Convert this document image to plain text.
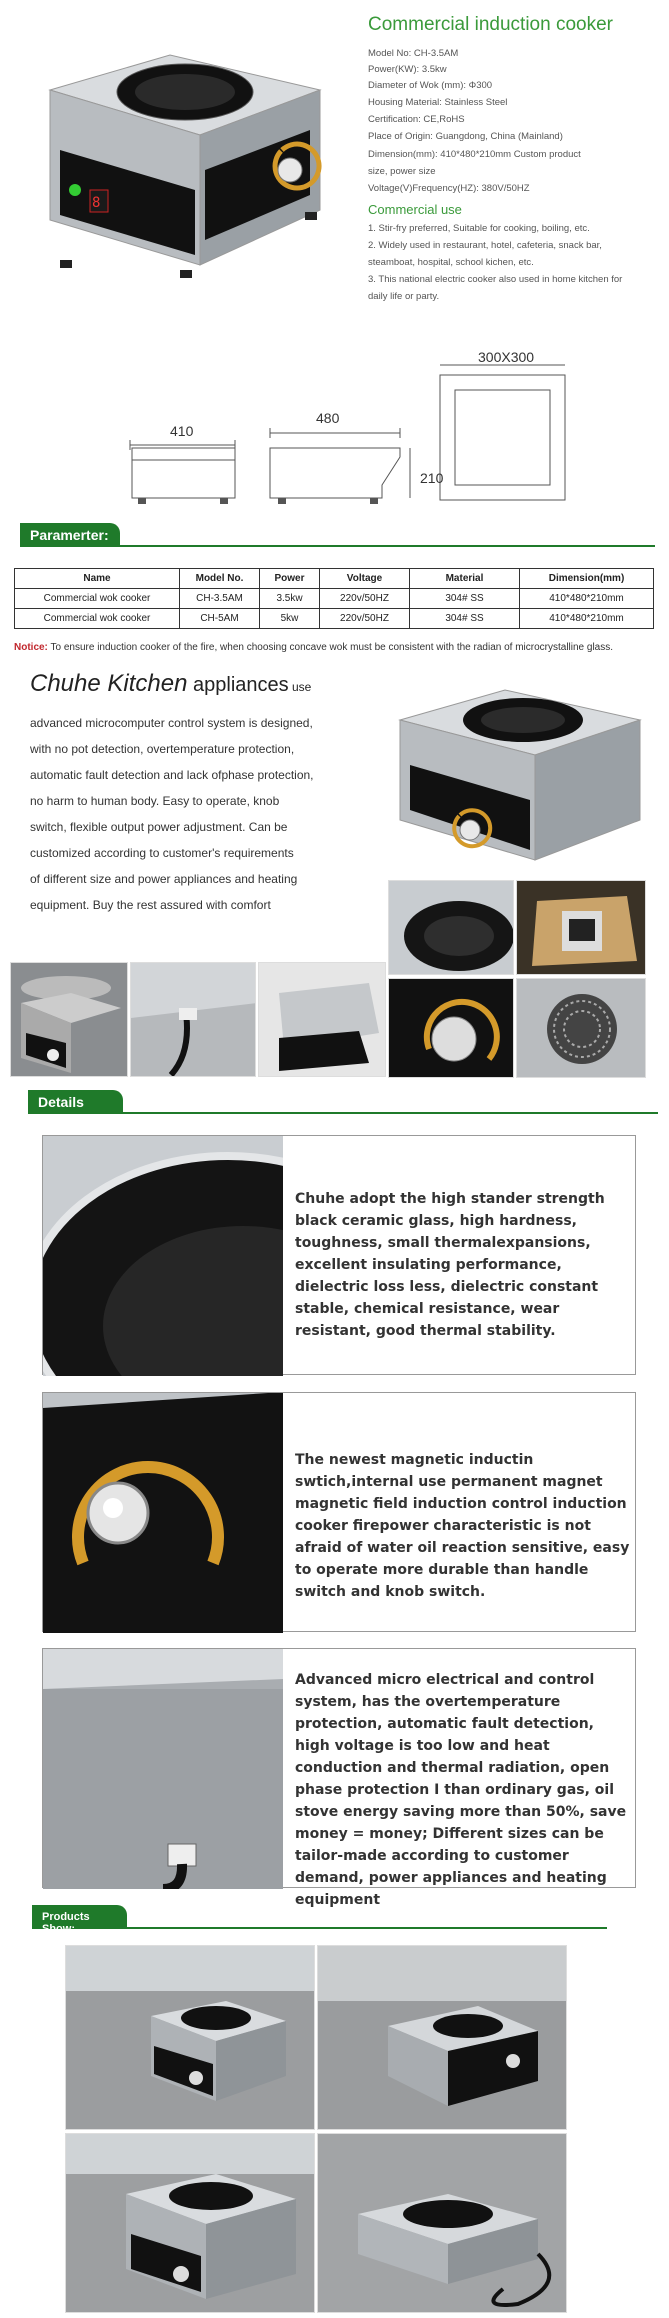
8
Commercial induction cooker
Model No: CH-3.5AM
Power(KW): 3.5kw
Diameter of Wok (mm): Φ300
Housing Material: Stainless Steel
Certification: CE,RoHS
Place of Origin: Guangdong, China (Mainland)
Dimension(mm): 410*480*210mm Custom product
size, power size
Voltage(V)Frequency(HZ): 380V/50HZ
Commercial use
1. Stir-fry preferred, Suitable for cooking, boiling, etc.
2. Widely used in restaurant, hotel, cafeteria, snack bar,
steamboat, hospital, school kichen, etc.
3. This national electric cooker also used in home kitchen for
daily life or party.
410
480
210
300X300
Paramerter:
Name	Model No.	Power	Voltage	Material	Dimension(mm)
Commercial wok cooker	CH-3.5AM	3.5kw	220v/50HZ	304# SS	410*480*210mm
Commercial wok cooker	CH-5AM	5kw	220v/50HZ	304# SS	410*480*210mm
Notice: To ensure induction cooker of the fire, when choosing concave wok must be consistent with the radian of microcrystalline glass.
Chuhe Kitchen appliances use
advanced microcomputer control system is designed,
with no pot detection, overtemperature protection,
automatic fault detection and lack ofphase protection,
no harm to human body. Easy to operate, knob
switch, flexible output power adjustment. Can be
customized according to customer's requirements
of different size and power appliances and heating
equipment. Buy the rest assured with comfort
Details
Chuhe adopt the high stander strength black ceramic glass, high hardness, toughness, small thermalexpansions, excellent insulating performance, dielectric loss less, dielectric constant stable, chemical resistance, wear resistant, good thermal stability.
The newest magnetic inductin swtich,internal use permanent magnet magnetic field induction control induction cooker firepower characteristic is not afraid of water oil reaction sensitive, easy to operate more durable than handle switch and knob switch.
Advanced micro electrical and control system, has the overtemperature protection, automatic fault detection, high voltage is too low and heat conduction and thermal radiation, open phase protection I than ordinary gas, oil stove energy saving more than 50%, save money = money; Different sizes can be tailor-made according to customer demand, power appliances and heating equipment
Products Show:
